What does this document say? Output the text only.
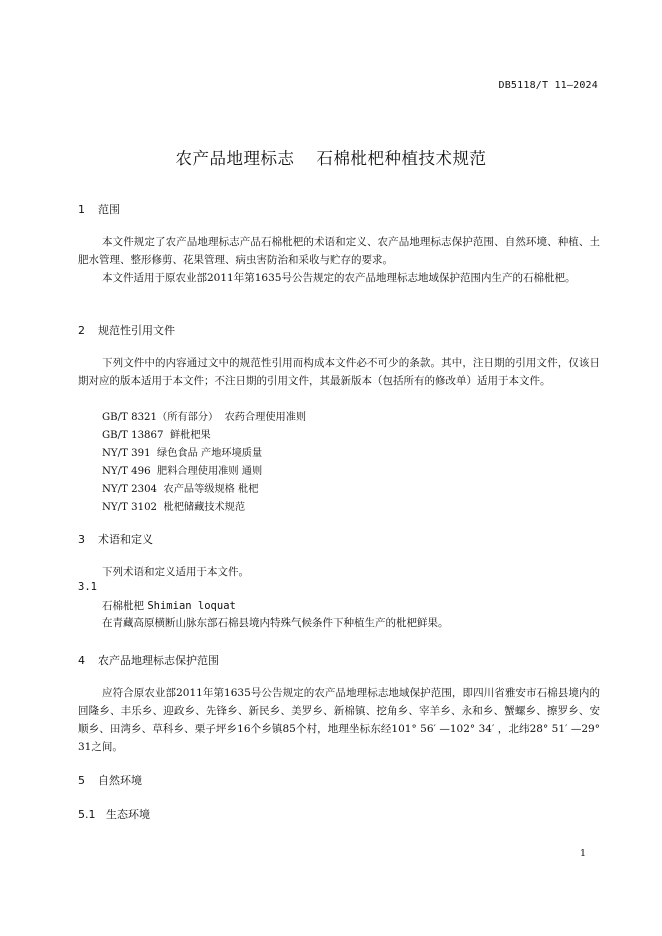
DB5118/T 11—2024
农产品地理标志 石棉枇杷种植技术规范
1 范围
本文件规定了农产品地理标志产品石棉枇杷的术语和定义、农产品地理标志保护范围、自然环境、种植、土肥水管理、整形修剪、花果管理、病虫害防治和采收与贮存的要求。
本文件适用于原农业部2011年第1635号公告规定的农产品地理标志地域保护范围内生产的石棉枇杷。
2 规范性引用文件
下列文件中的内容通过文中的规范性引用而构成本文件必不可少的条款。其中，注日期的引用文件，仅该日期对应的版本适用于本文件；不注日期的引用文件，其最新版本（包括所有的修改单）适用于本文件。
GB/T 8321（所有部分）  农药合理使用准则
GB/T 13867  鲜枇杷果
NY/T 391  绿色食品 产地环境质量
NY/T 496  肥料合理使用准则 通则
NY/T 2304  农产品等级规格 枇杷
NY/T 3102  枇杷储藏技术规范
3 术语和定义
下列术语和定义适用于本文件。
3.1
石棉枇杷 Shimian loquat
在青藏高原横断山脉东部石棉县境内特殊气候条件下种植生产的枇杷鲜果。
4 农产品地理标志保护范围
应符合原农业部2011年第1635号公告规定的农产品地理标志地域保护范围，即四川省雅安市石棉县境内的回隆乡、丰乐乡、迎政乡、先锋乡、新民乡、美罗乡、新棉镇、挖角乡、宰羊乡、永和乡、蟹螺乡、擦罗乡、安顺乡、田湾乡、草科乡、栗子坪乡16个乡镇85个村，地理坐标东经101° 56′ —102° 34′ ，北纬28° 51′ —29° 31之间。
5 自然环境
5.1 生态环境
1
